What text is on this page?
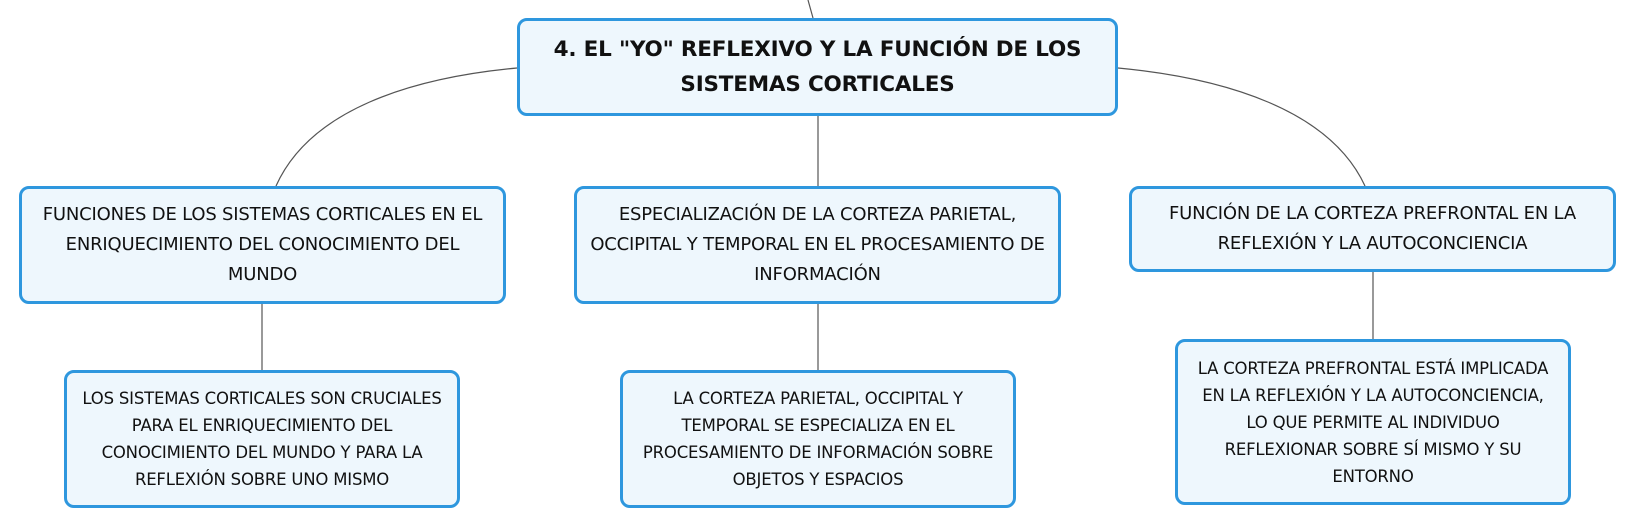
4. EL "YO" REFLEXIVO Y LA FUNCIÓN DE LOS SISTEMAS CORTICALES
FUNCIONES DE LOS SISTEMAS CORTICALES EN EL ENRIQUECIMIENTO DEL CONOCIMIENTO DEL MUNDO
ESPECIALIZACIÓN DE LA CORTEZA PARIETAL, OCCIPITAL Y TEMPORAL EN EL PROCESAMIENTO DE INFORMACIÓN
FUNCIÓN DE LA CORTEZA PREFRONTAL EN LA REFLEXIÓN Y LA AUTOCONCIENCIA
LOS SISTEMAS CORTICALES SON CRUCIALES PARA EL ENRIQUECIMIENTO DEL CONOCIMIENTO DEL MUNDO Y PARA LA REFLEXIÓN SOBRE UNO MISMO
LA CORTEZA PARIETAL, OCCIPITAL Y TEMPORAL SE ESPECIALIZA EN EL PROCESAMIENTO DE INFORMACIÓN SOBRE OBJETOS Y ESPACIOS
LA CORTEZA PREFRONTAL ESTÁ IMPLICADA EN LA REFLEXIÓN Y LA AUTOCONCIENCIA, LO QUE PERMITE AL INDIVIDUO REFLEXIONAR SOBRE SÍ MISMO Y SU ENTORNO
